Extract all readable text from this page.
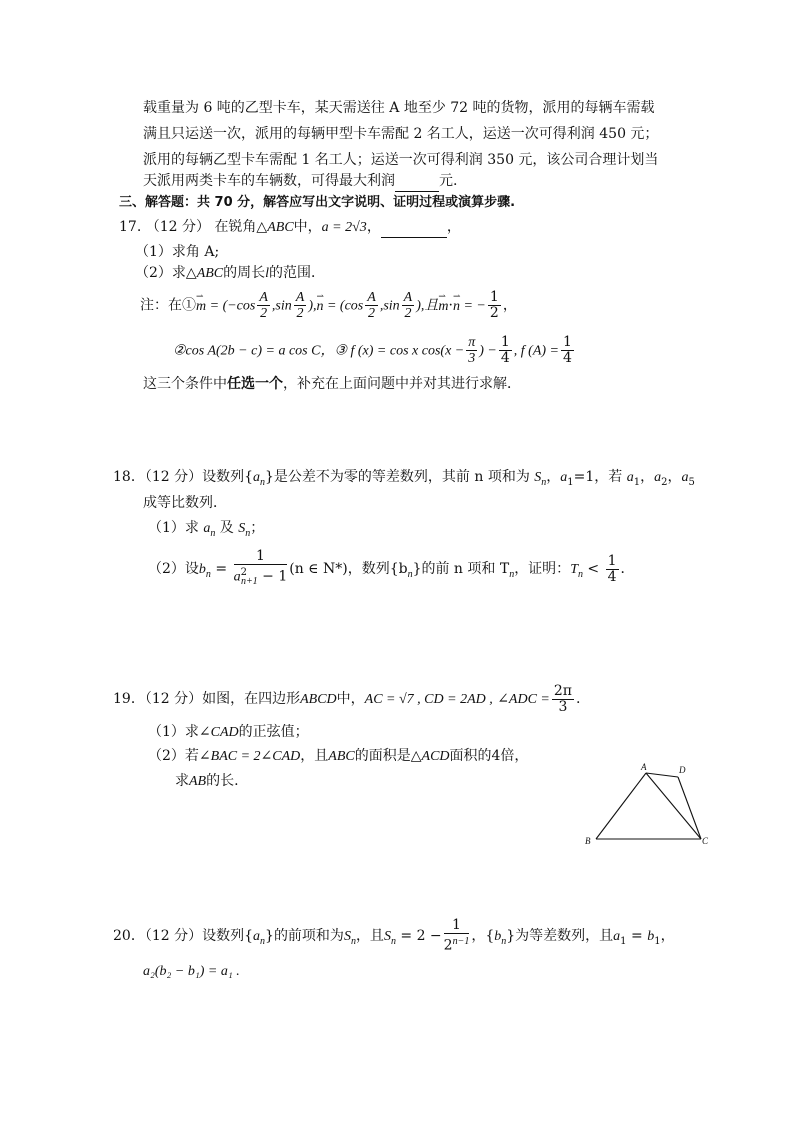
载重量为 6 吨的乙型卡车，某天需送往 A 地至少 72 吨的货物，派用的每辆车需载
满且只运送一次，派用的每辆甲型卡车需配 2 名工人，运送一次可得利润 450 元；
派用的每辆乙型卡车需配 1 名工人；运送一次可得利润 350 元，该公司合理计划当
天派用两类卡车的车辆数，可得最大利润	元.
三、解答题：共 70 分，解答应写出文字说明、证明过程或演算步骤.
17. （12 分） 在锐角△ABC中，a = 2√3，	，
（1）求角 A;
（2）求△ABC的周长l的范围．
注：在①⇀ $m = (-\cos \frac{A}{2} ,\sin \frac{A}{2}$ ),⇀ $n = (\cos \frac{A}{2} ,\sin \frac{A}{2}$ ),且⇀ m·⇀ n = − $\frac{1}{2}$ ，
②cos A(2b − c) = a cos C，③ f (x) = cos x $\cos(x - \frac{\pi}{3}$ ) − $\frac{1}{4}$ , f $(A) = \frac{1}{4}$
这三个条件中任选一个，补充在上面问题中并对其进行求解．
18．（12 分）设数列$\{a_n\}$是公差不为零的等差数列，其前 n 项和为 $S_n$，$a_1=1$，若 $a_1$，$a_2$，$a_5$
成等比数列．
（1）求 $a_n$ 及 $S_n$；
（2）设$b_n = \frac{1}{a^2_{n+1} - 1} (n$ ∈ N*)，数列$\{b_n\}$的前 n 项和 $T_n$，证明：$T_n < \frac{1}{4}$ ．
19．（12 分）如图，在四边形ABCD中，AC = √7 , CD = 2AD , ∠ADC = $\frac{2\pi}{3}$ .
（1）求∠CAD的正弦值；
（2）若∠BAC = 2∠CAD，且ABC的面积是△ACD面积的4倍，
求AB的长.
A	D
B	C
20．（12 分）设数列$\{a_n\}$的前项和为$S_n$，且$S_n = 2 - \frac{1}{2^{n-1}}$ ，$\{b_n\}$为等差数列，且$a_1 = b_1$，
a₂(b₂ − b₁) = a₁ .
